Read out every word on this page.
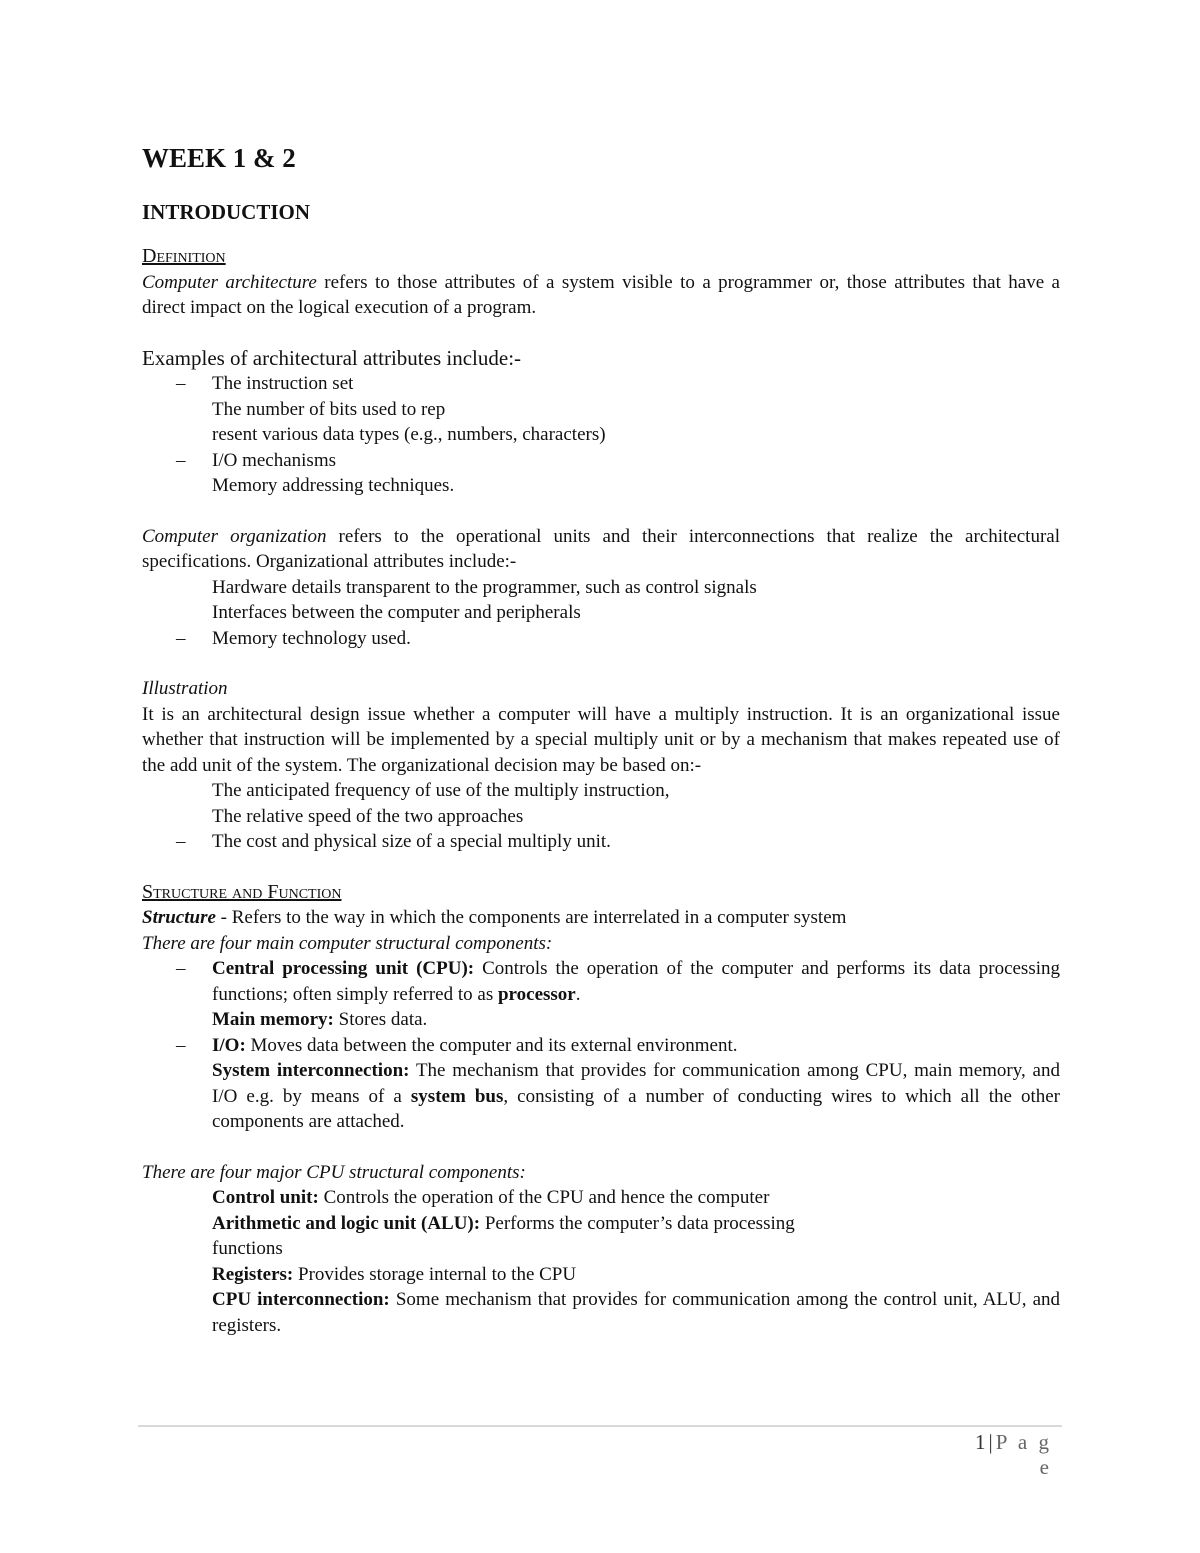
WEEK 1 & 2
INTRODUCTION

Definition

Computer architecture refers to those attributes of a system visible to a programmer or, those attributes that have a direct impact on the logical execution of a program.

Examples of architectural attributes include:-

– The instruction set
The number of bits used to rep
resent various data types (e.g., numbers, characters)
– I/O mechanisms
Memory addressing techniques.

Computer organization refers to the operational units and their interconnections that realize the architectural specifications. Organizational attributes include:-

Hardware details transparent to the programmer, such as control signals
Interfaces between the computer and peripherals
– Memory technology used.

Illustration

It is an architectural design issue whether a computer will have a multiply instruction. It is an organizational issue whether that instruction will be implemented by a special multiply unit or by a mechanism that makes repeated use of the add unit of the system. The organizational decision may be based on:-

The anticipated frequency of use of the multiply instruction,
The relative speed of the two approaches
– The cost and physical size of a special multiply unit.

Structure and Function

Structure - Refers to the way in which the components are interrelated in a computer system

There are four main computer structural components:

– Central processing unit (CPU): Controls the operation of the computer and performs its data processing functions; often simply referred to as processor.
Main memory: Stores data.
– I/O: Moves data between the computer and its external environment.
System interconnection: The mechanism that provides for communication among CPU, main memory, and I/O e.g. by means of a system bus, consisting of a number of conducting wires to which all the other components are attached.

There are four major CPU structural components:

Control unit: Controls the operation of the CPU and hence the computer
Arithmetic and logic unit (ALU): Performs the computer’s data processing
functions
Registers: Provides storage internal to the CPU
CPU interconnection: Some mechanism that provides for communication among the control unit, ALU, and registers.
1|P a g e
